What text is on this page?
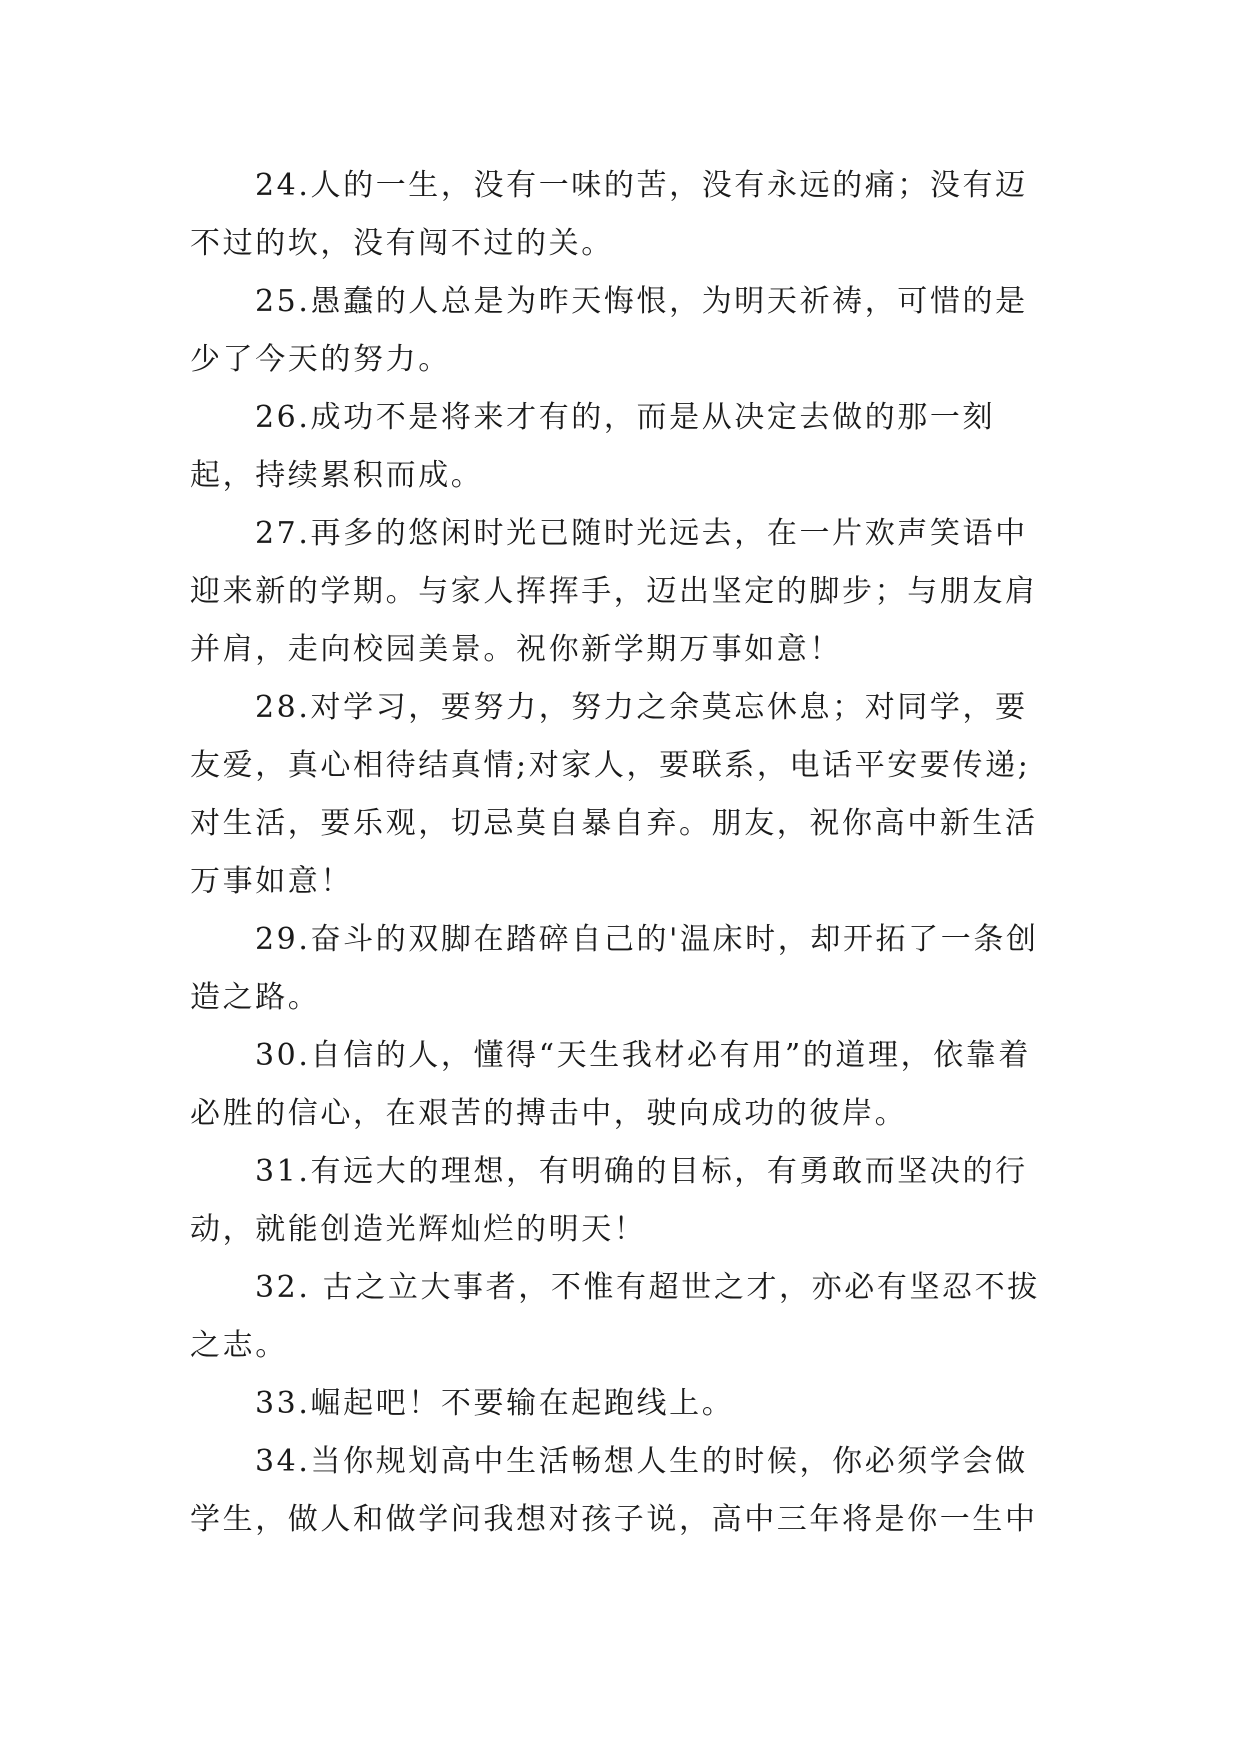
24.人的一生，没有一味的苦，没有永远的痛；没有迈不过的坎，没有闯不过的关。

25.愚蠢的人总是为昨天悔恨，为明天祈祷，可惜的是少了今天的努力。

26.成功不是将来才有的，而是从决定去做的那一刻起，持续累积而成。

27.再多的悠闲时光已随时光远去，在一片欢声笑语中迎来新的学期。与家人挥挥手，迈出坚定的脚步；与朋友肩并肩，走向校园美景。祝你新学期万事如意！

28.对学习，要努力，努力之余莫忘休息；对同学，要友爱，真心相待结真情;对家人，要联系，电话平安要传递;对生活，要乐观，切忌莫自暴自弃。朋友，祝你高中新生活万事如意！

29.奋斗的双脚在踏碎自己的'温床时，却开拓了一条创造之路。

30.自信的人，懂得“天生我材必有用”的道理，依靠着必胜的信心，在艰苦的搏击中，驶向成功的彼岸。

31.有远大的理想，有明确的目标，有勇敢而坚决的行动，就能创造光辉灿烂的明天！

32. 古之立大事者，不惟有超世之才，亦必有坚忍不拔之志。

33.崛起吧！不要输在起跑线上。

34.当你规划高中生活畅想人生的时候，你必须学会做学生，做人和做学问我想对孩子说，高中三年将是你一生中
